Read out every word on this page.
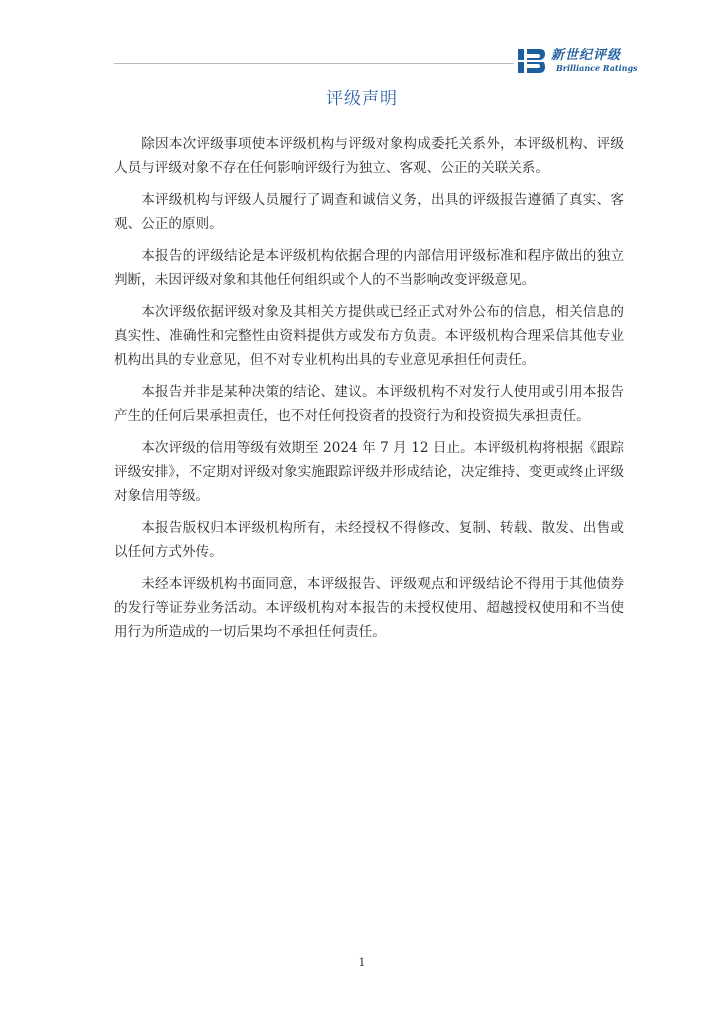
新世纪评级
Brilliance Ratings
评级声明

除因本次评级事项使本评级机构与评级对象构成委托关系外，本评级机构、评级人员与评级对象不存在任何影响评级行为独立、客观、公正的关联关系。

本评级机构与评级人员履行了调查和诚信义务，出具的评级报告遵循了真实、客观、公正的原则。

本报告的评级结论是本评级机构依据合理的内部信用评级标准和程序做出的独立判断，未因评级对象和其他任何组织或个人的不当影响改变评级意见。

本次评级依据评级对象及其相关方提供或已经正式对外公布的信息，相关信息的真实性、准确性和完整性由资料提供方或发布方负责。本评级机构合理采信其他专业机构出具的专业意见，但不对专业机构出具的专业意见承担任何责任。

本报告并非是某种决策的结论、建议。本评级机构不对发行人使用或引用本报告产生的任何后果承担责任，也不对任何投资者的投资行为和投资损失承担责任。

本次评级的信用等级有效期至 2024 年 7 月 12 日止。本评级机构将根据《跟踪评级安排》，不定期对评级对象实施跟踪评级并形成结论，决定维持、变更或终止评级对象信用等级。

本报告版权归本评级机构所有，未经授权不得修改、复制、转载、散发、出售或以任何方式外传。

未经本评级机构书面同意，本评级报告、评级观点和评级结论不得用于其他债券的发行等证券业务活动。本评级机构对本报告的未授权使用、超越授权使用和不当使用行为所造成的一切后果均不承担任何责任。

1
